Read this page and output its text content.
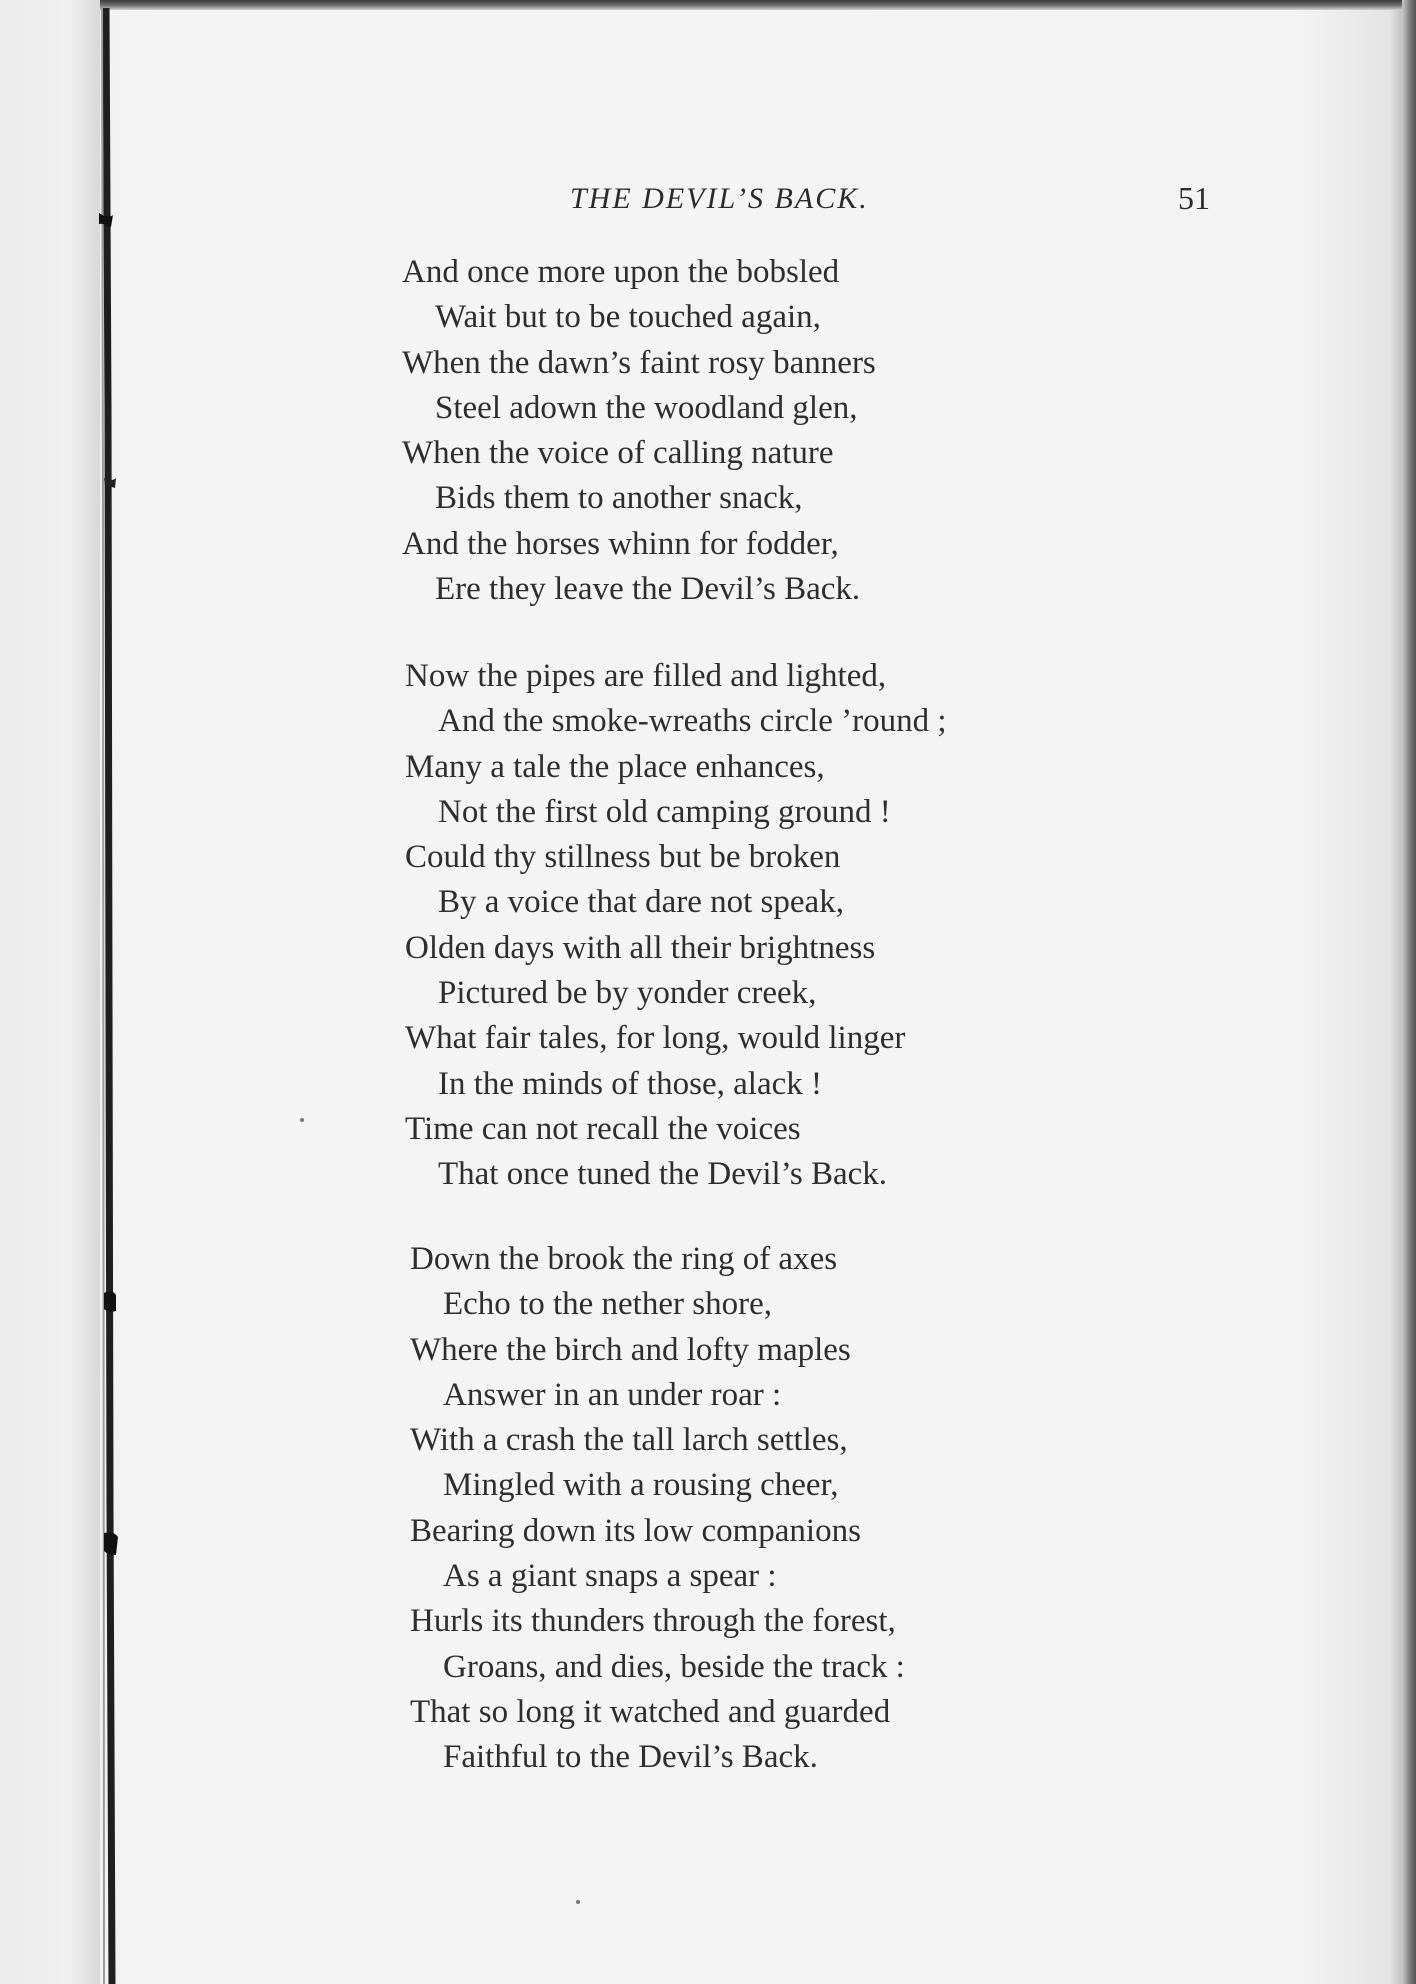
THE DEVIL’S BACK.	51
And once more upon the bobsled
Wait but to be touched again,
When the dawn’s faint rosy banners
Steel adown the woodland glen,
When the voice of calling nature
Bids them to another snack,
And the horses whinn for fodder,
Ere they leave the Devil’s Back.
Now the pipes are filled and lighted,
And the smoke-wreaths circle ’round ;
Many a tale the place enhances,
Not the first old camping ground !
Could thy stillness but be broken
By a voice that dare not speak,
Olden days with all their brightness
Pictured be by yonder creek,
What fair tales, for long, would linger
In the minds of those, alack !
Time can not recall the voices
That once tuned the Devil’s Back.
Down the brook the ring of axes
Echo to the nether shore,
Where the birch and lofty maples
Answer in an under roar :
With a crash the tall larch settles,
Mingled with a rousing cheer,
Bearing down its low companions
As a giant snaps a spear :
Hurls its thunders through the forest,
Groans, and dies, beside the track :
That so long it watched and guarded
Faithful to the Devil’s Back.
